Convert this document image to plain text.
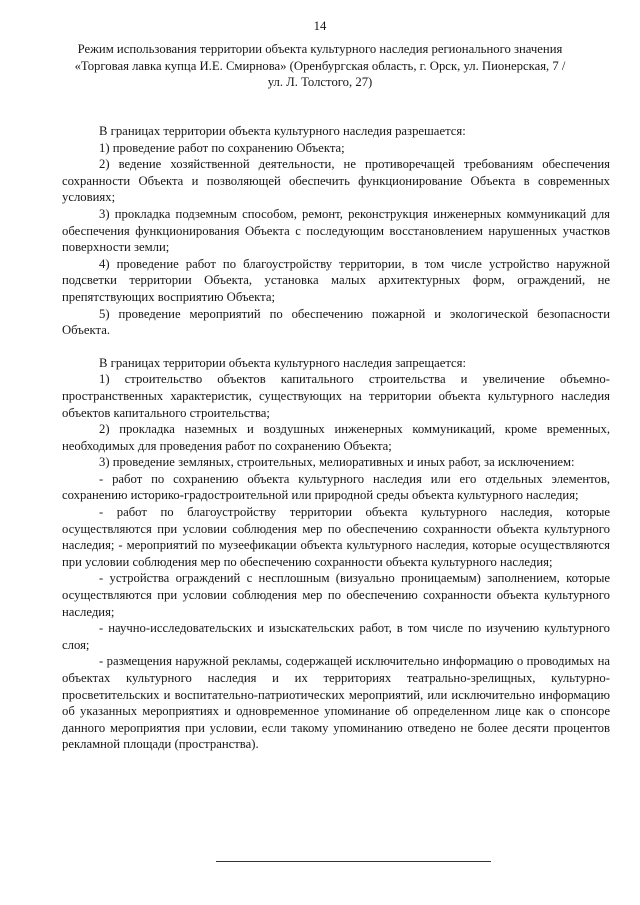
14
Режим использования территории объекта культурного наследия регионального значения «Торговая лавка купца И.Е. Смирнова» (Оренбургская область, г. Орск, ул. Пионерская, 7 / ул. Л. Толстого, 27)

В границах территории объекта культурного наследия разрешается:

1) проведение работ по сохранению Объекта;

2) ведение хозяйственной деятельности, не противоречащей требованиям обеспечения сохранности Объекта и позволяющей обеспечить функционирование Объекта в современных условиях;

3) прокладка подземным способом, ремонт, реконструкция инженерных коммуникаций для обеспечения функционирования Объекта с последующим восстановлением нарушенных участков поверхности земли;

4) проведение работ по благоустройству территории, в том числе устройство наружной подсветки территории Объекта, установка малых архитектурных форм, ограждений, не препятствующих восприятию Объекта;

5) проведение мероприятий по обеспечению пожарной и экологической безопасности Объекта.

В границах территории объекта культурного наследия запрещается:

1) строительство объектов капитального строительства и увеличение объемно-пространственных характеристик, существующих на территории объекта культурного наследия объектов капитального строительства;

2) прокладка наземных и воздушных инженерных коммуникаций, кроме временных, необходимых для проведения работ по сохранению Объекта;

3) проведение земляных, строительных, мелиоративных и иных работ, за исключением:

- работ по сохранению объекта культурного наследия или его отдельных элементов, сохранению историко-градостроительной или природной среды объекта культурного наследия;

- работ по благоустройству территории объекта культурного наследия, которые осуществляются при условии соблюдения мер по обеспечению сохранности объекта культурного наследия; - мероприятий по музеефикации объекта культурного наследия, которые осуществляются при условии соблюдения мер по обеспечению сохранности объекта культурного наследия;

- устройства ограждений с несплошным (визуально проницаемым) заполнением, которые осуществляются при условии соблюдения мер по обеспечению сохранности объекта культурного наследия;

- научно-исследовательских и изыскательских работ, в том числе по изучению культурного слоя;

- размещения наружной рекламы, содержащей исключительно информацию о проводимых на объектах культурного наследия и их территориях театрально-зрелищных, культурно-просветительских и воспитательно-патриотических мероприятий, или исключительно информацию об указанных мероприятиях и одновременное упоминание об определенном лице как о спонсоре данного мероприятия при условии, если такому упоминанию отведено не более десяти процентов рекламной площади (пространства).
